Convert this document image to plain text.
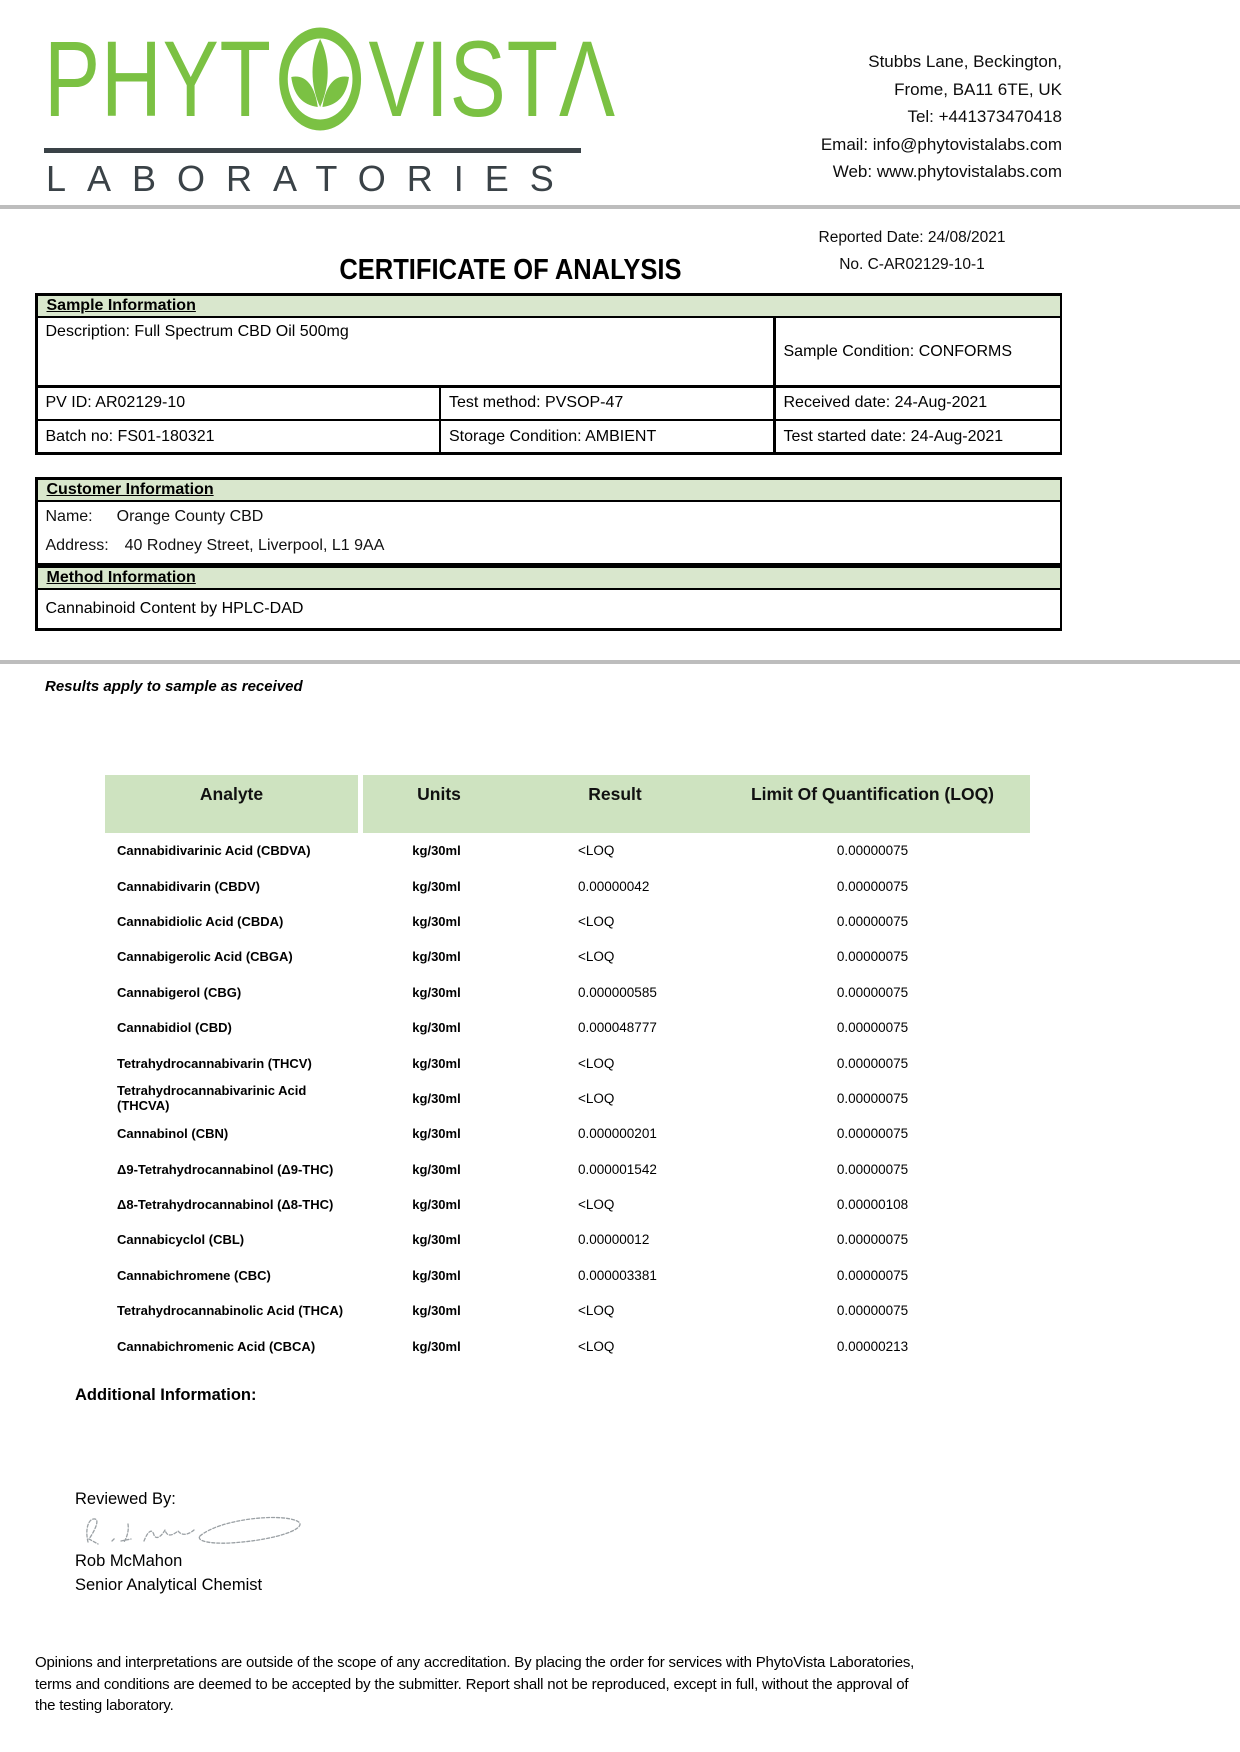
PHYT VISTΛ
LABORATORIES
Stubbs Lane, Beckington,
Frome, BA11 6TE, UK
Tel: +441373470418
Email: info@phytovistalabs.com
Web: www.phytovistalabs.com
Reported Date: 24/08/2021
No. C-AR02129-10-1
CERTIFICATE OF ANALYSIS
Sample Information
Description: Full Spectrum CBD Oil 500mg
Sample Condition: CONFORMS
PV ID: AR02129-10	Test method: PVSOP-47	Received date: 24-Aug-2021
Batch no: FS01-180321	Storage Condition: AMBIENT	Test started date: 24-Aug-2021
Customer Information
Name: Orange County CBD
Address: 40 Rodney Street, Liverpool, L1 9AA
Method Information
Cannabinoid Content by HPLC-DAD
Results apply to sample as received
Analyte	Units	Result	Limit Of Quantification (LOQ)
Cannabidivarinic Acid (CBDVA)	kg/30ml	<LOQ	0.00000075
Cannabidivarin (CBDV)	kg/30ml	0.00000042	0.00000075
Cannabidiolic Acid (CBDA)	kg/30ml	<LOQ	0.00000075
Cannabigerolic Acid (CBGA)	kg/30ml	<LOQ	0.00000075
Cannabigerol (CBG)	kg/30ml	0.000000585	0.00000075
Cannabidiol (CBD)	kg/30ml	0.000048777	0.00000075
Tetrahydrocannabivarin (THCV)	kg/30ml	<LOQ	0.00000075
Tetrahydrocannabivarinic Acid (THCVA)	kg/30ml	<LOQ	0.00000075
Cannabinol (CBN)	kg/30ml	0.000000201	0.00000075
Δ9-Tetrahydrocannabinol (Δ9-THC)	kg/30ml	0.000001542	0.00000075
Δ8-Tetrahydrocannabinol (Δ8-THC)	kg/30ml	<LOQ	0.00000108
Cannabicyclol (CBL)	kg/30ml	0.00000012	0.00000075
Cannabichromene (CBC)	kg/30ml	0.000003381	0.00000075
Tetrahydrocannabinolic Acid (THCA)	kg/30ml	<LOQ	0.00000075
Cannabichromenic Acid (CBCA)	kg/30ml	<LOQ	0.00000213
Additional Information:
Reviewed By:
Rob McMahon
Senior Analytical Chemist
Opinions and interpretations are outside of the scope of any accreditation. By placing the order for services with PhytoVista Laboratories,
terms and conditions are deemed to be accepted by the submitter. Report shall not be reproduced, except in full, without the approval of
the testing laboratory.
